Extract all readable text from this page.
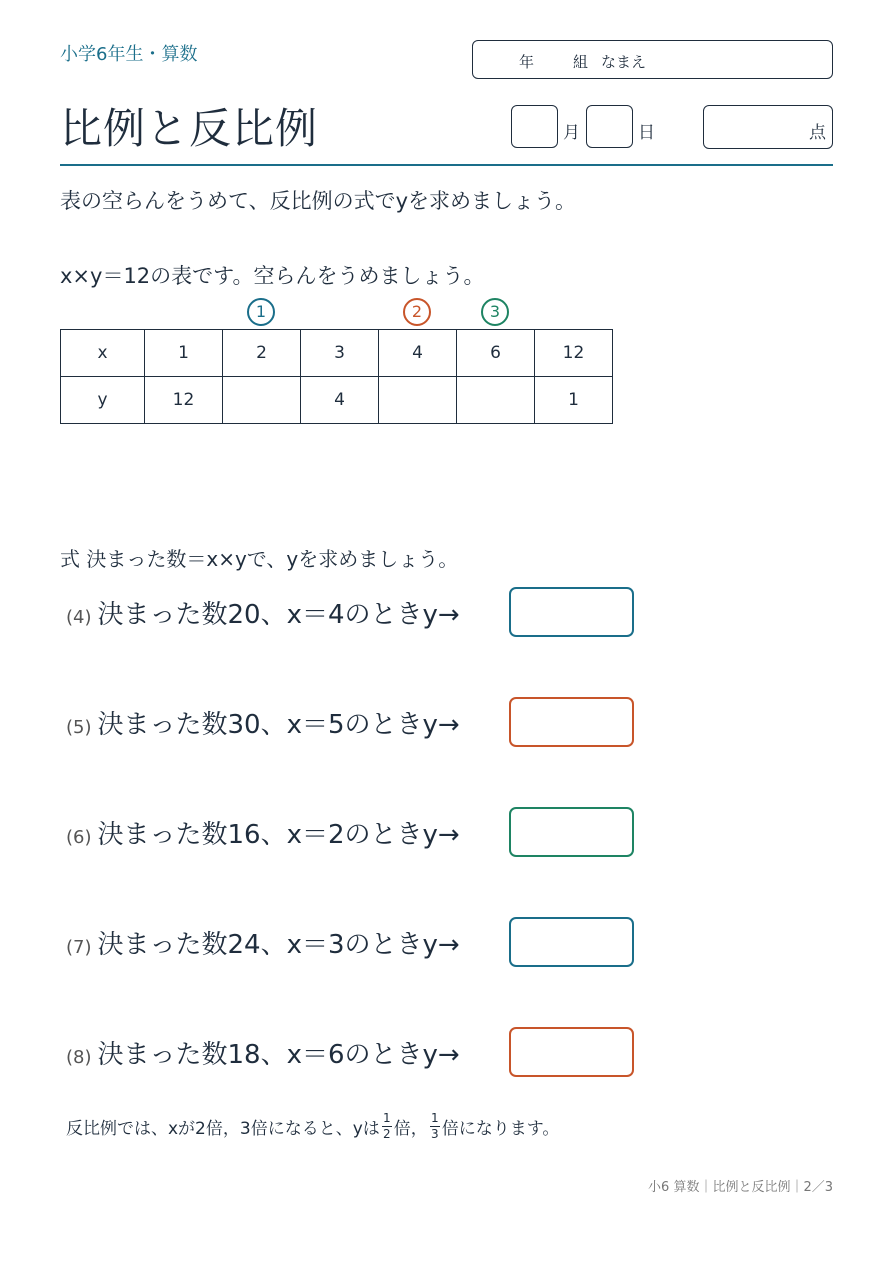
小学6年生・算数	年	組 なまえ
比例と反比例	月	日	点
表の空らんをうめて、反比例の式でyを求めましょう。
x×y＝12の表です。空らんをうめましょう。
1	2	3
x	1	2	3	4	6	12
y	12		4			1
式 決まった数＝x×yで、yを求めましょう。
(4) 決まった数20、x＝4のときy→
(5) 決まった数30、x＝5のときy→
(6) 決まった数16、x＝2のときy→
(7) 決まった数24、x＝3のときy→
(8) 決まった数18、x＝6のときy→
反比例では、xが2倍，3倍になると、yは $\frac{1}{2}$ 倍， $\frac{1}{3}$ 倍になります。
小6 算数｜比例と反比例｜2／3
